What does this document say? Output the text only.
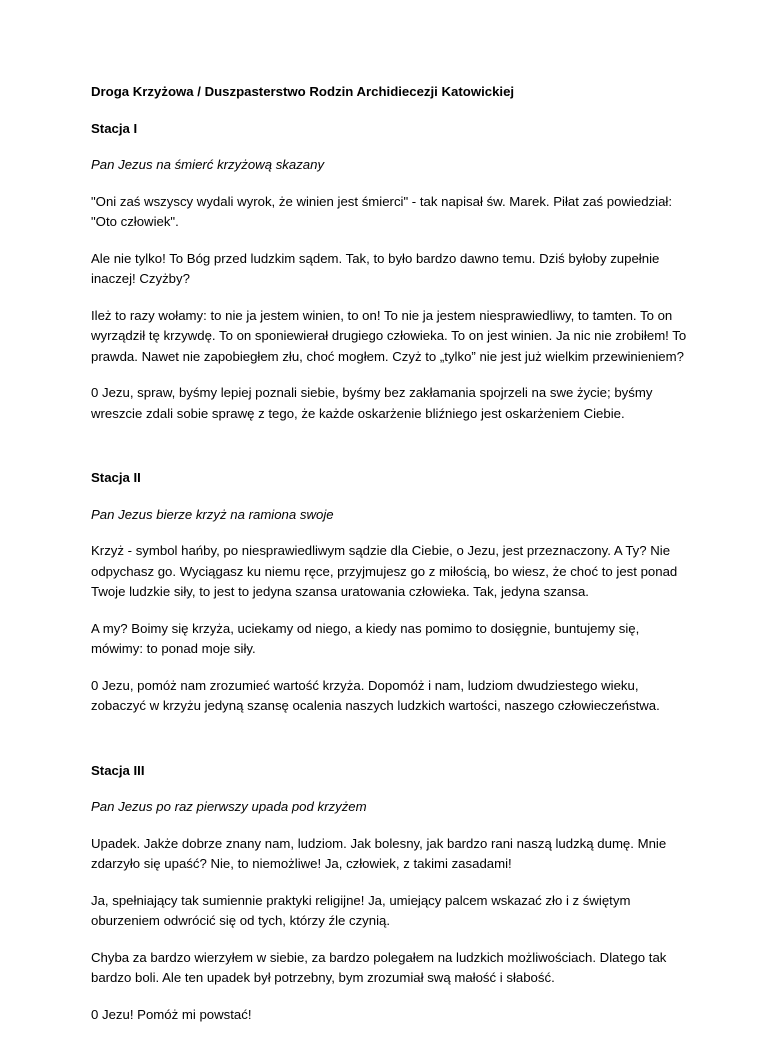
Droga Krzyżowa / Duszpasterstwo Rodzin Archidiecezji Katowickiej

Stacja I

Pan Jezus na śmierć krzyżową skazany

"Oni zaś wszyscy wydali wyrok, że winien jest śmierci" - tak napisał św. Marek. Piłat zaś powiedział: "Oto człowiek".

Ale nie tylko! To Bóg przed ludzkim sądem. Tak, to było bardzo dawno temu. Dziś byłoby zupełnie inaczej! Czyżby?

Ileż to razy wołamy: to nie ja jestem winien, to on! To nie ja jestem niesprawiedliwy, to tamten. To on wyrządził tę krzywdę. To on sponiewierał drugiego człowieka. To on jest winien. Ja nic nie zrobiłem! To prawda. Nawet nie zapobiegłem złu, choć mogłem. Czyż to „tylko” nie jest już wielkim przewinieniem?

0 Jezu, spraw, byśmy lepiej poznali siebie, byśmy bez zakłamania spojrzeli na swe życie; byśmy wreszcie zdali sobie sprawę z tego, że każde oskarżenie bliźniego jest oskarżeniem Ciebie.

Stacja II

Pan Jezus bierze krzyż na ramiona swoje

Krzyż - symbol hańby, po niesprawiedliwym sądzie dla Ciebie, o Jezu, jest przeznaczony. A Ty? Nie odpychasz go. Wyciągasz ku niemu ręce, przyjmujesz go z miłością, bo wiesz, że choć to jest ponad Twoje ludzkie siły, to jest to jedyna szansa uratowania człowieka. Tak, jedyna szansa.

A my? Boimy się krzyża, uciekamy od niego, a kiedy nas pomimo to dosięgnie, buntujemy się, mówimy: to ponad moje siły.

0 Jezu, pomóż nam zrozumieć wartość krzyża. Dopomóż i nam, ludziom dwudziestego wieku, zobaczyć w krzyżu jedyną szansę ocalenia naszych ludzkich wartości, naszego człowieczeństwa.

Stacja III

Pan Jezus po raz pierwszy upada pod krzyżem

Upadek. Jakże dobrze znany nam, ludziom. Jak bolesny, jak bardzo rani naszą ludzką dumę. Mnie zdarzyło się upaść? Nie, to niemożliwe! Ja, człowiek, z takimi zasadami!

Ja, spełniający tak sumiennie praktyki religijne! Ja, umiejący palcem wskazać zło i z świętym oburzeniem odwrócić się od tych, którzy źle czynią.

Chyba za bardzo wierzyłem w siebie, za bardzo polegałem na ludzkich możliwościach. Dlatego tak bardzo boli. Ale ten upadek był potrzebny, bym zrozumiał swą małość i słabość.

0 Jezu! Pomóż mi powstać!
